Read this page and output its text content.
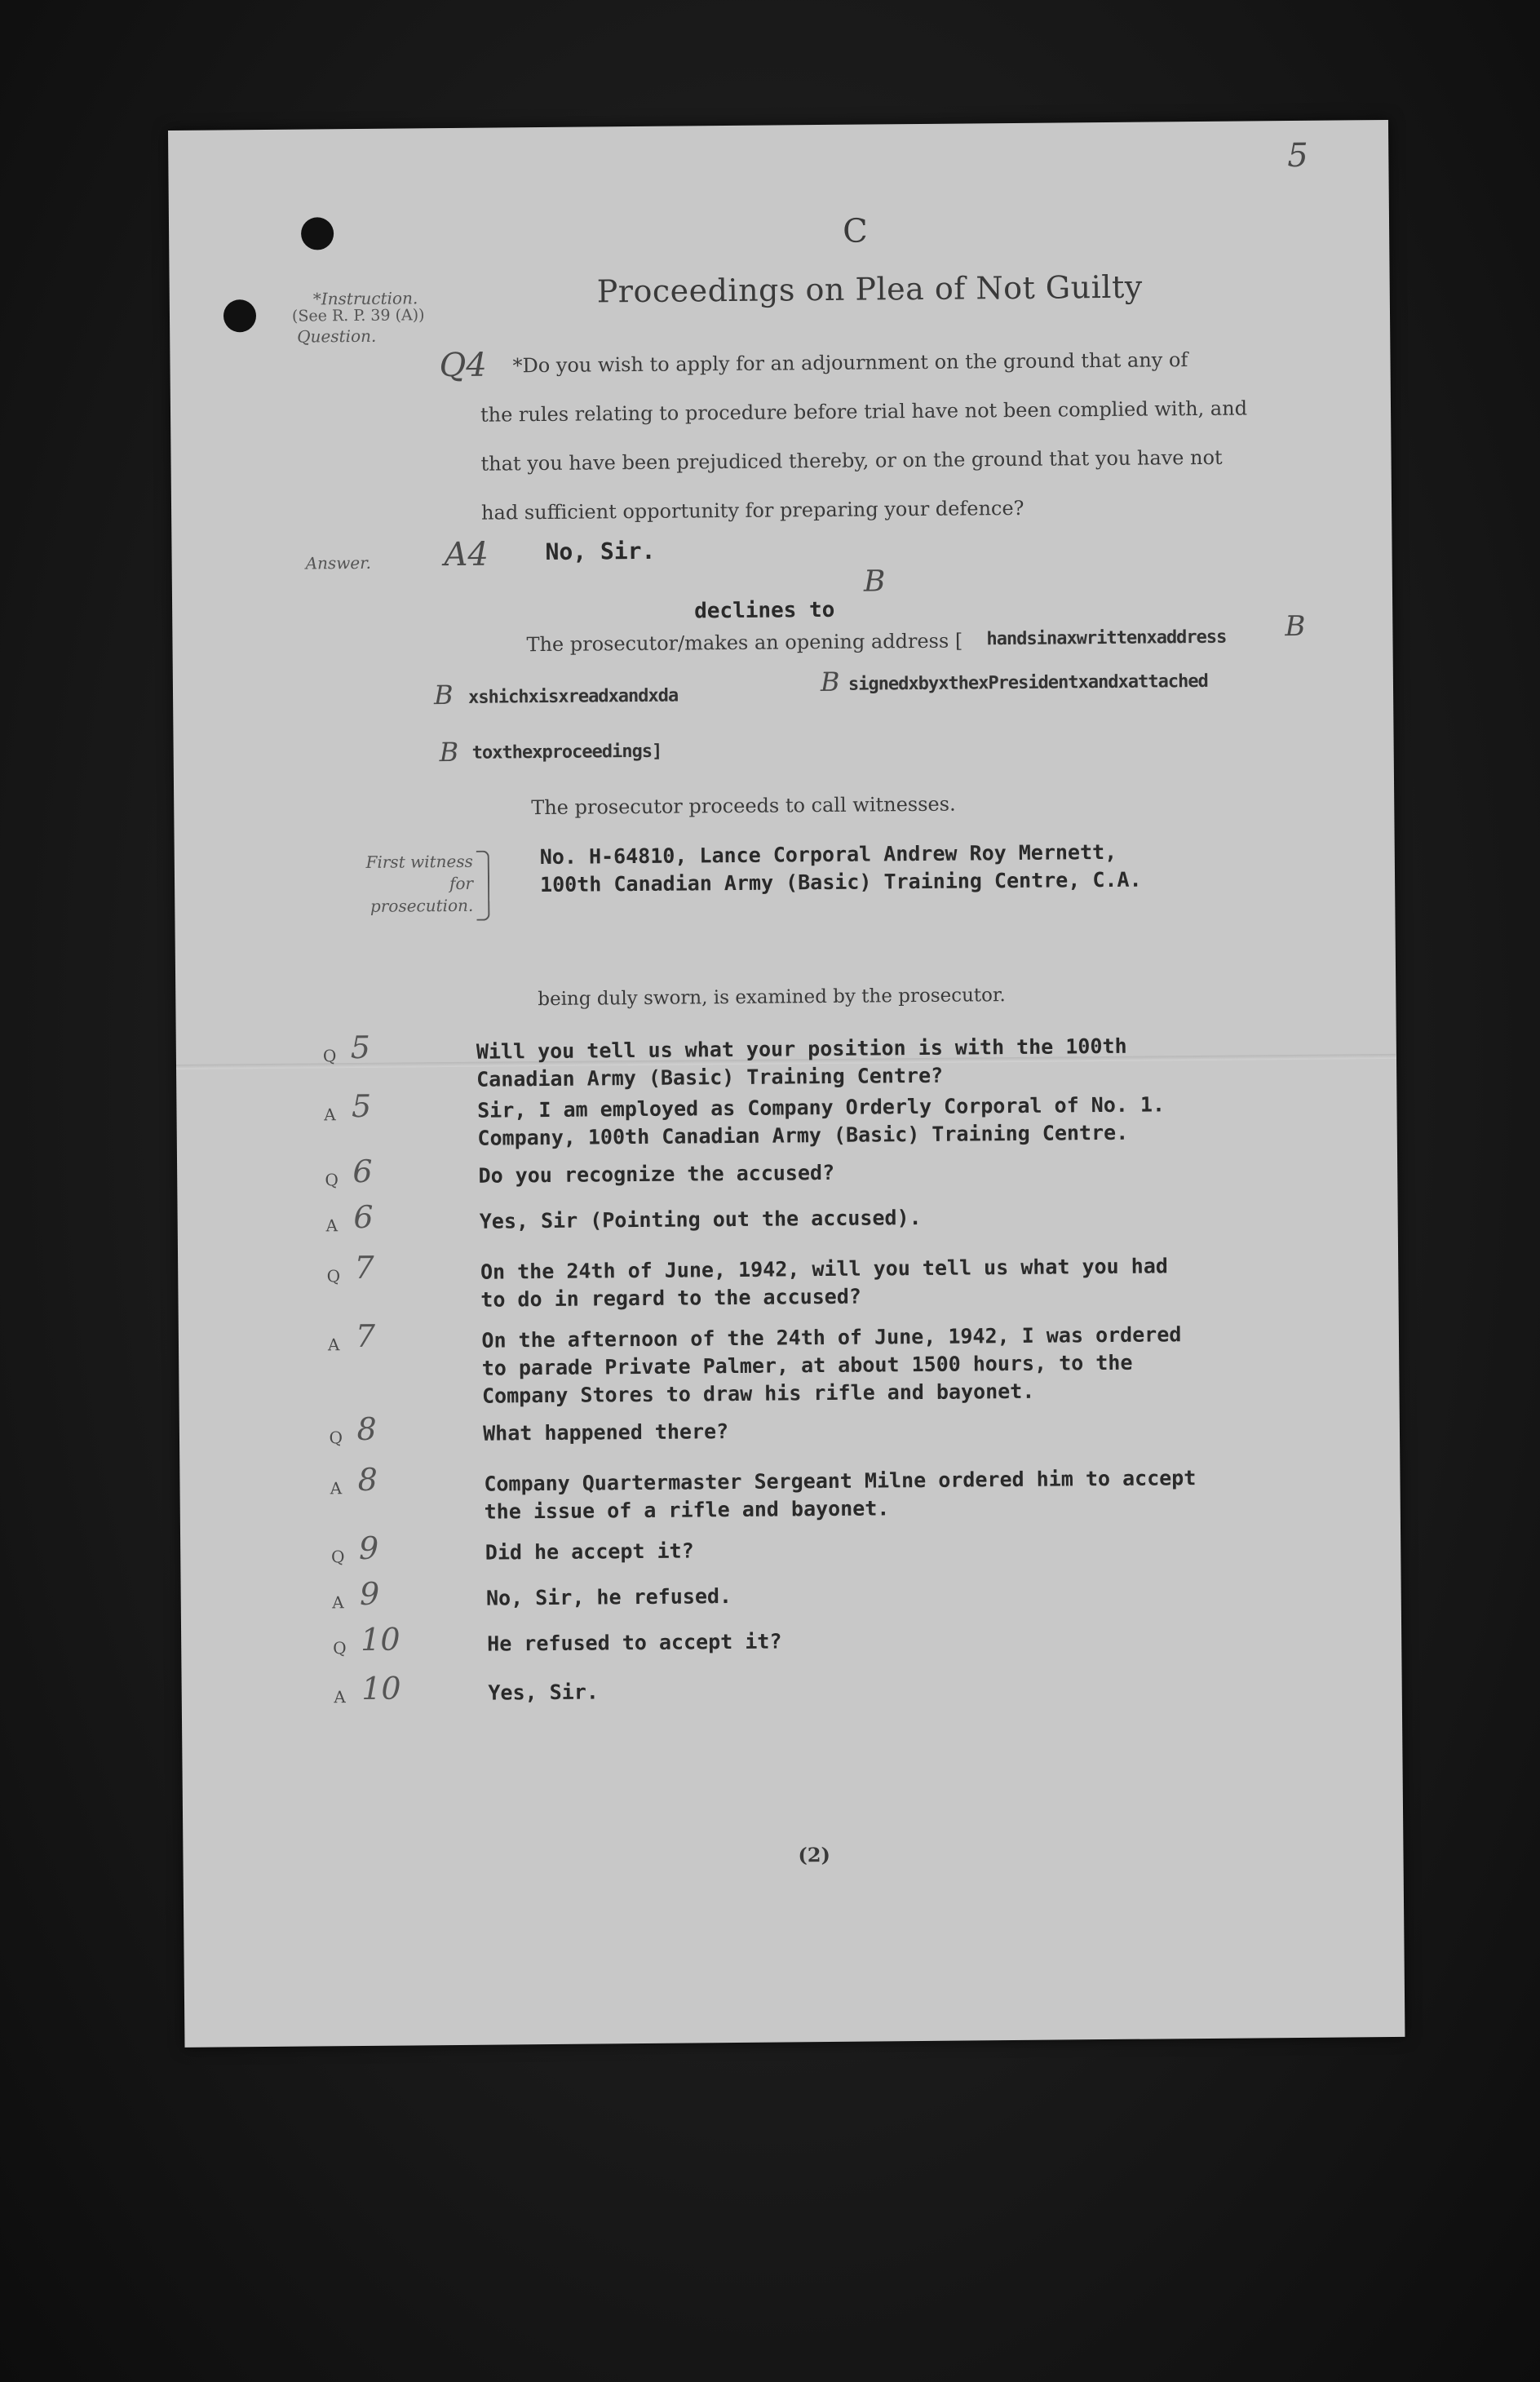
5
C
Proceedings on Plea of Not Guilty
*Instruction.
(See R. P. 39 (A))
Question.
Answer.
Q4 *Do you wish to apply for an adjournment on the ground that any of
the rules relating to procedure before trial have not been complied with, and
that you have been prejudiced thereby, or on the ground that you have not
had sufficient opportunity for preparing your defence?
A4 No, Sir.
B
declines to
The prosecutor/makes an opening address [ handsinaxwrittenxaddress B
B xshichxisxreadxandxda	B signedxbyxthexPresidentxandxattached
B toxthexproceedings]
The prosecutor proceeds to call witnesses.
First witness
for
prosecution.
No. H-64810, Lance Corporal Andrew Roy Mernett,
100th Canadian Army (Basic) Training Centre, C.A.
being duly sworn, is examined by the prosecutor.
Q 5	Will you tell us what your position is with the 100th
Canadian Army (Basic) Training Centre?
A 5	Sir, I am employed as Company Orderly Corporal of No. 1.
Company, 100th Canadian Army (Basic) Training Centre.
Q 6	Do you recognize the accused?
A 6	Yes, Sir (Pointing out the accused).
Q 7	On the 24th of June, 1942, will you tell us what you had
to do in regard to the accused?
A 7	On the afternoon of the 24th of June, 1942, I was ordered
to parade Private Palmer, at about 1500 hours, to the
Company Stores to draw his rifle and bayonet.
Q 8	What happened there?
A 8	Company Quartermaster Sergeant Milne ordered him to accept
the issue of a rifle and bayonet.
Q 9	Did he accept it?
A 9	No, Sir, he refused.
Q 10	He refused to accept it?
A 10	Yes, Sir.
(2)
